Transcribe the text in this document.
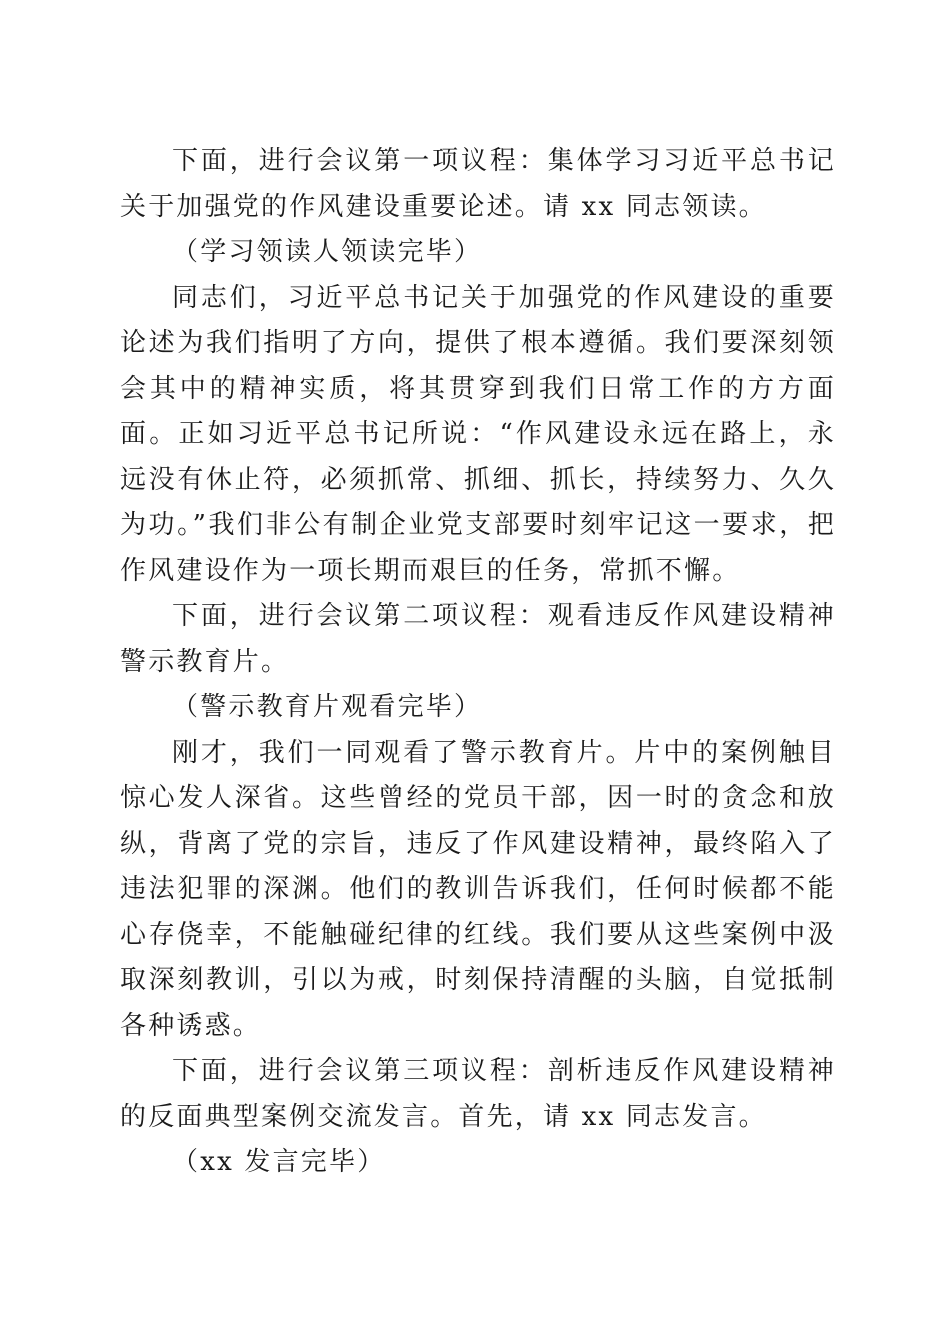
下面，进行会议第一项议程：集体学习习近平总书记关于加强党的作风建设重要论述。请 xx 同志领读。

（学习领读人领读完毕）

同志们，习近平总书记关于加强党的作风建设的重要论述为我们指明了方向，提供了根本遵循。我们要深刻领会其中的精神实质，将其贯穿到我们日常工作的方方面面。正如习近平总书记所说：“作风建设永远在路上，永远没有休止符，必须抓常、抓细、抓长，持续努力、久久为功。”我们非公有制企业党支部要时刻牢记这一要求，把作风建设作为一项长期而艰巨的任务，常抓不懈。

下面，进行会议第二项议程：观看违反作风建设精神警示教育片。

（警示教育片观看完毕）

刚才，我们一同观看了警示教育片。片中的案例触目惊心发人深省。这些曾经的党员干部，因一时的贪念和放纵，背离了党的宗旨，违反了作风建设精神，最终陷入了违法犯罪的深渊。他们的教训告诉我们，任何时候都不能心存侥幸，不能触碰纪律的红线。我们要从这些案例中汲取深刻教训，引以为戒，时刻保持清醒的头脑，自觉抵制各种诱惑。

下面，进行会议第三项议程：剖析违反作风建设精神的反面典型案例交流发言。首先，请 xx 同志发言。

（xx 发言完毕）
